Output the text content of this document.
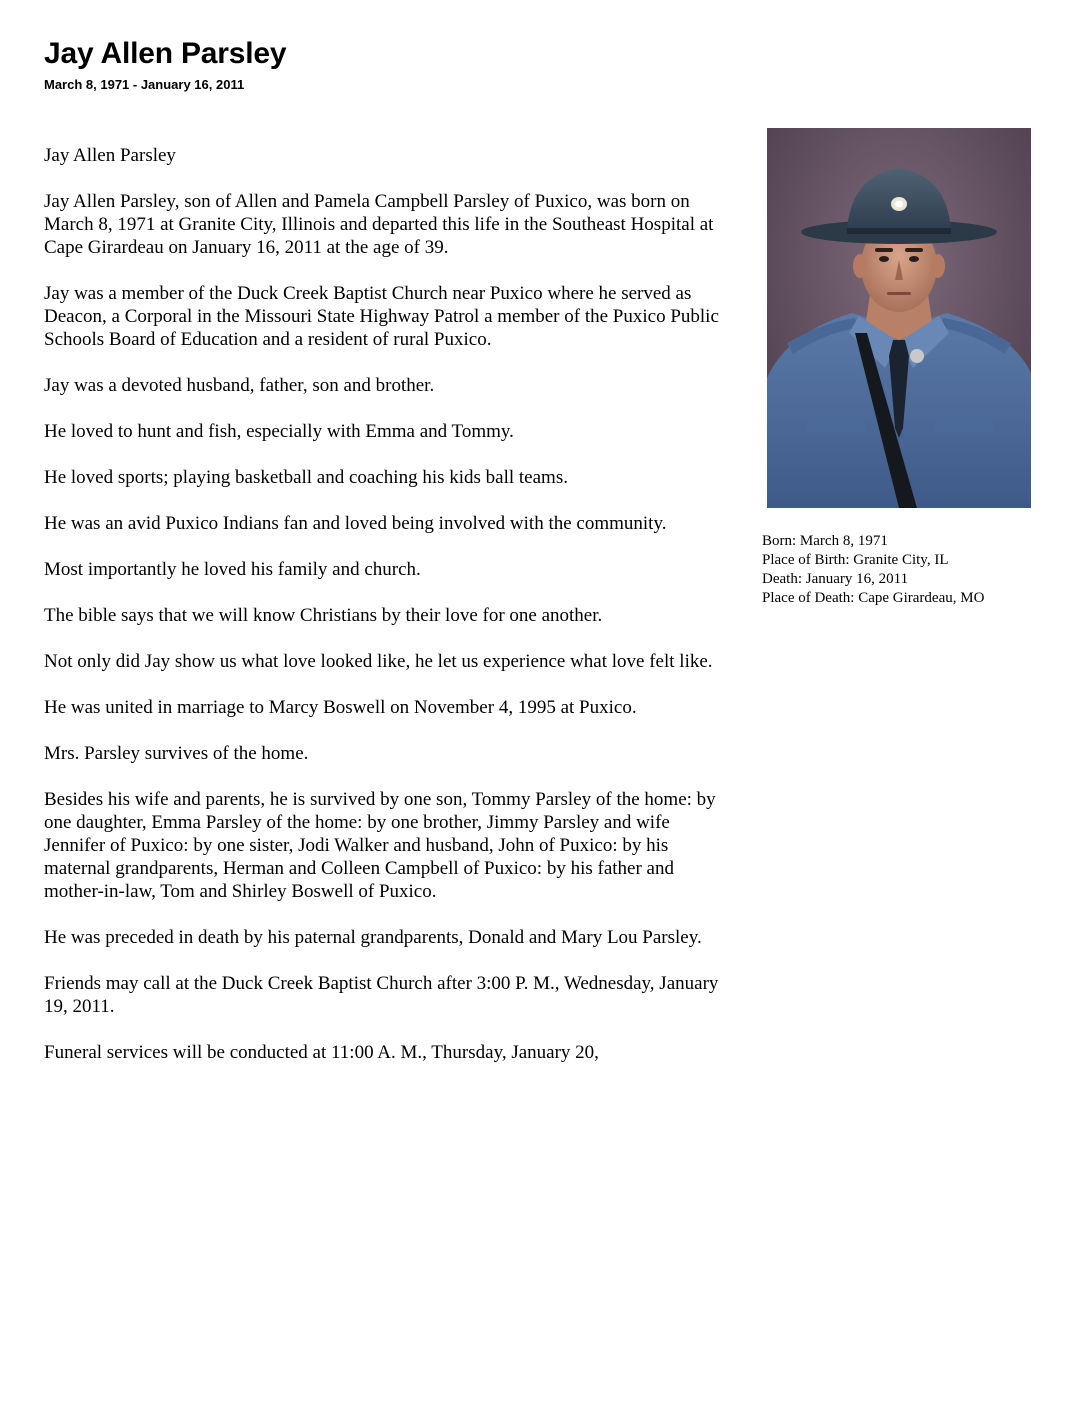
Jay Allen Parsley
March 8, 1971 - January 16, 2011

Jay Allen Parsley

Jay Allen Parsley, son of Allen and Pamela Campbell Parsley of Puxico, was born on March 8, 1971 at Granite City, Illinois and departed this life in the Southeast Hospital at Cape Girardeau on January 16, 2011 at the age of 39.

Jay was a member of the Duck Creek Baptist Church near Puxico where he served as Deacon, a Corporal in the Missouri State Highway Patrol a member of the Puxico Public Schools Board of Education and a resident of rural Puxico.

Jay was a devoted husband, father, son and brother.

He loved to hunt and fish, especially with Emma and Tommy.

He loved sports; playing basketball and coaching his kids ball teams.

He was an avid Puxico Indians fan and loved being involved with the community.

Most importantly he loved his family and church.

The bible says that we will know Christians by their love for one another.

Not only did Jay show us what love looked like, he let us experience what love felt like.

He was united in marriage to Marcy Boswell on November 4, 1995 at Puxico.

Mrs. Parsley survives of the home.

Besides his wife and parents, he is survived by one son, Tommy Parsley of the home: by one daughter, Emma Parsley of the home: by one brother, Jimmy Parsley and wife Jennifer of Puxico: by one sister, Jodi Walker and husband, John of Puxico: by his maternal grandparents, Herman and Colleen Campbell of Puxico: by his father and mother-in-law, Tom and Shirley Boswell of Puxico.

He was preceded in death by his paternal grandparents, Donald and Mary Lou Parsley.

Friends may call at the Duck Creek Baptist Church after 3:00 P. M., Wednesday, January 19, 2011.

Funeral services will be conducted at 11:00 A. M., Thursday, January 20,

Born: March 8, 1971
Place of Birth: Granite City, IL
Death: January 16, 2011
Place of Death: Cape Girardeau, MO
